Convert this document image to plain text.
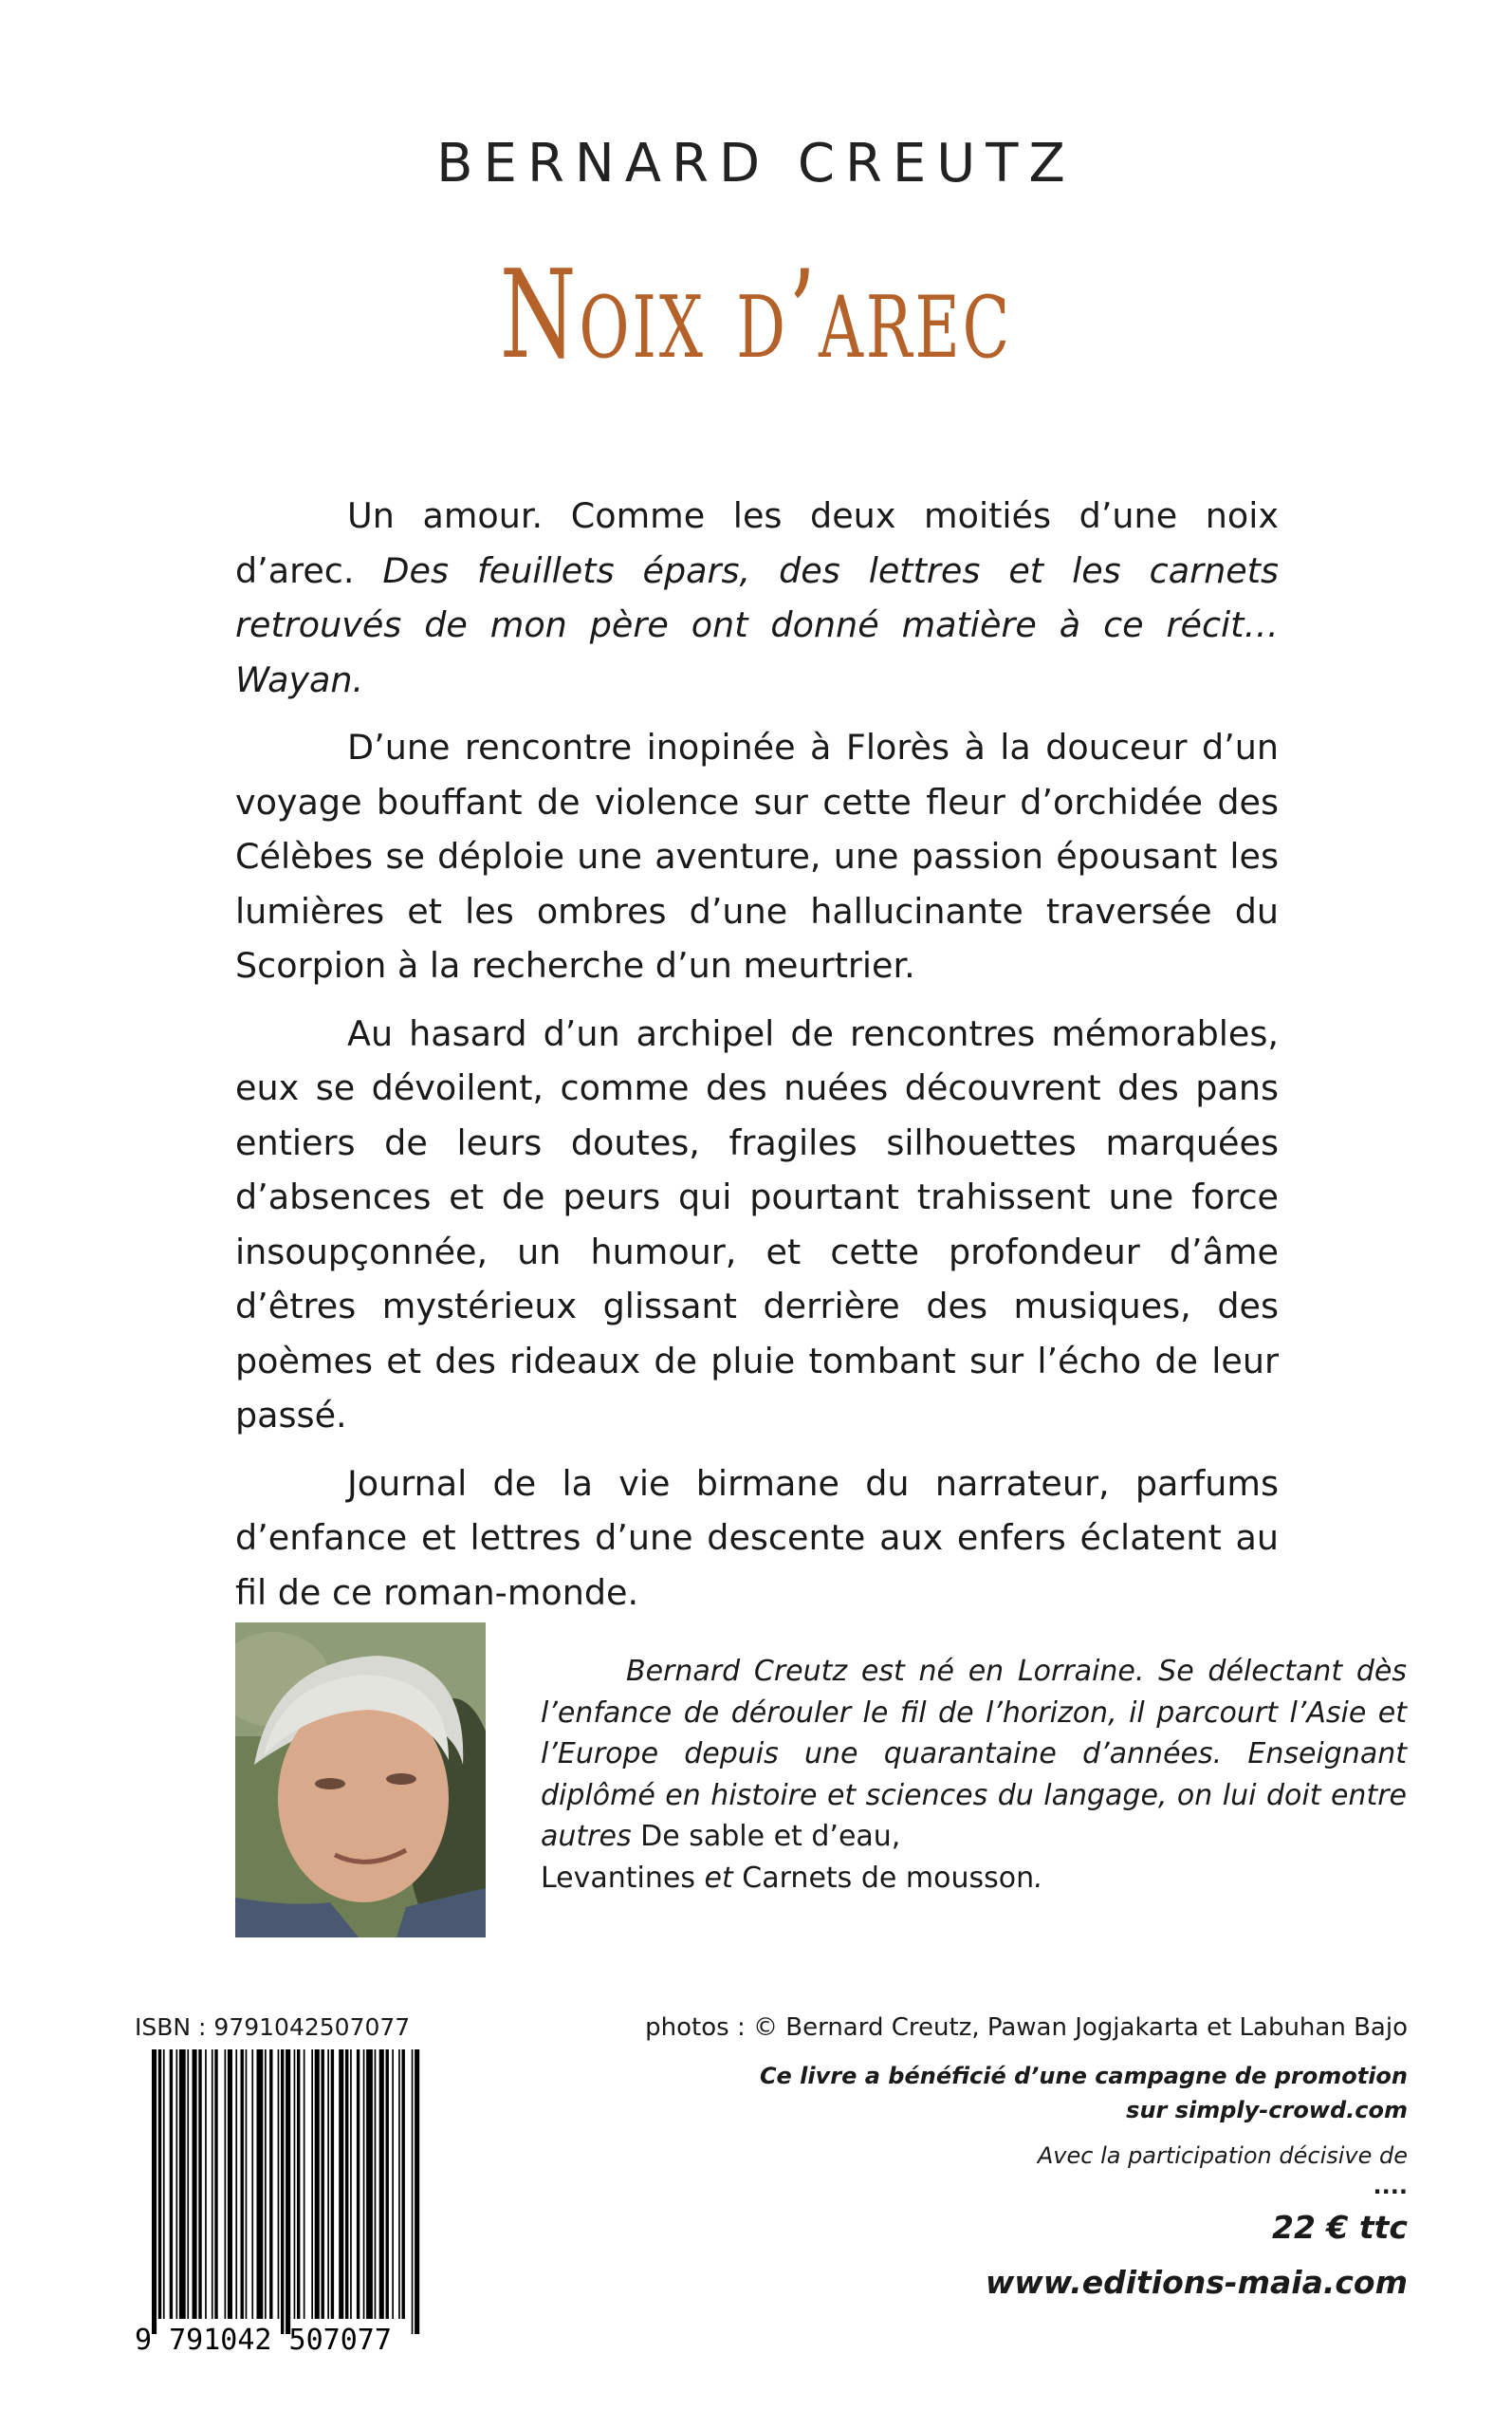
BERNARD CREUTZ
Noix d’arec

Un amour. Comme les deux moitiés d’une noix d’arec. Des feuillets épars, des lettres et les carnets retrouvés de mon père ont donné matière à ce récit… Wayan.

D’une rencontre inopinée à Florès à la douceur d’un voyage bouffant de violence sur cette fleur d’orchidée des Célèbes se déploie une aventure, une passion épousant les lumières et les ombres d’une hallucinante traversée du Scorpion à la recherche d’un meurtrier.

Au hasard d’un archipel de rencontres mémorables, eux se dévoilent, comme des nuées découvrent des pans entiers de leurs doutes, fragiles silhouettes marquées d’absences et de peurs qui pourtant trahissent une force insoupçonnée, un humour, et cette profondeur d’âme d’êtres mystérieux glissant derrière des musiques, des poèmes et des rideaux de pluie tombant sur l’écho de leur passé.

Journal de la vie birmane du narrateur, parfums d’enfance et lettres d’une descente aux enfers éclatent au fil de ce roman-monde.

Bernard Creutz est né en Lorraine. Se délectant dès l’enfance de dérouler le fil de l’horizon, il parcourt l’Asie et l’Europe depuis une quarantaine d’années. Enseignant diplômé en histoire et sciences du langage, on lui doit entre autres De sable et d’eau,
Levantines et Carnets de mousson.

ISBN : 9791042507077
9 791042 507077
photos : © Bernard Creutz, Pawan Jogjakarta et Labuhan Bajo
Ce livre a bénéficié d’une campagne de promotion
sur simply-crowd.com
Avec la participation décisive de
....
22 € ttc
www.editions-maia.com
